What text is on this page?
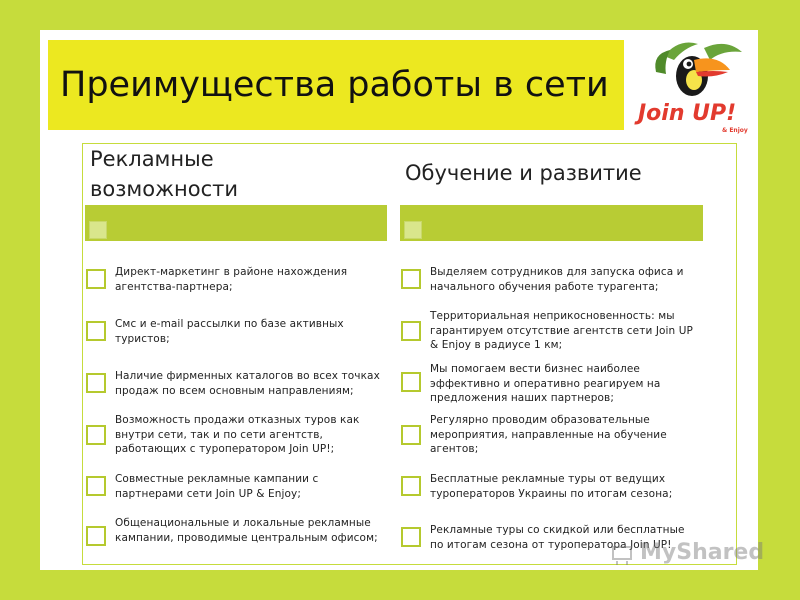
Преимущества работы в сети
Join UP!
& Enjoy
Рекламные возможности
Обучение и развитие
Директ-маркетинг в районе нахождения агентства-партнера;
Смс и e-mail рассылки по базе активных туристов;
Наличие фирменных каталогов во всех точках продаж по всем основным направлениям;
Возможность продажи отказных туров как внутри сети, так и по сети агентств, работающих с туроператором Join UP!;
Совместные рекламные кампании с партнерами сети Join UP & Enjoy;
Общенациональные и локальные рекламные кампании, проводимые центральным офисом;
Выделяем сотрудников для запуска офиса и начального обучения работе турагента;
Территориальная неприкосновенность: мы гарантируем отсутствие агентств сети Join UP & Enjoy в радиусе 1 км;
Мы помогаем вести бизнес наиболее эффективно и оперативно реагируем на предложения наших партнеров;
Регулярно проводим образовательные мероприятия, направленные на обучение агентов;
Бесплатные рекламные туры от ведущих туроператоров Украины по итогам сезона;
Рекламные туры со скидкой или бесплатные по итогам сезона от туроператора Join UP!
MyShared
